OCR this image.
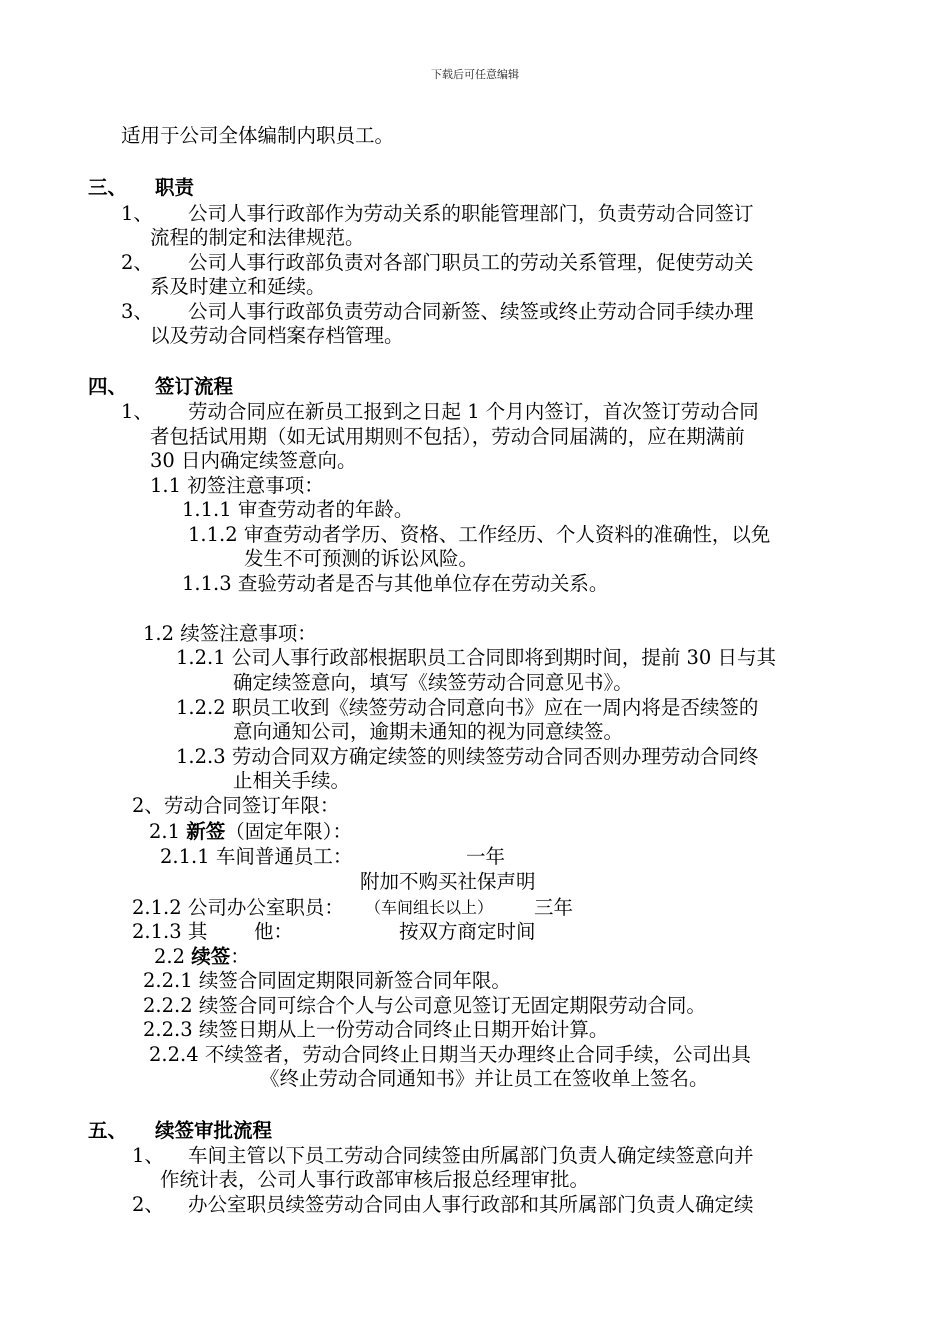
下载后可任意编辑
适用于公司全体编制内职员工。
三、 职责
1、 公司人事行政部作为劳动关系的职能管理部门，负责劳动合同签订
流程的制定和法律规范。
2、 公司人事行政部负责对各部门职员工的劳动关系管理，促使劳动关
系及时建立和延续。
3、 公司人事行政部负责劳动合同新签、续签或终止劳动合同手续办理
以及劳动合同档案存档管理。
四、 签订流程
1、 劳动合同应在新员工报到之日起 1 个月内签订，首次签订劳动合同
者包括试用期（如无试用期则不包括），劳动合同届满的，应在期满前
30 日内确定续签意向。
1.1 初签注意事项：
1.1.1 审查劳动者的年龄。
1.1.2 审查劳动者学历、资格、工作经历、个人资料的准确性，以免
发生不可预测的诉讼风险。
1.1.3 查验劳动者是否与其他单位存在劳动关系。
1.2 续签注意事项：
1.2.1 公司人事行政部根据职员工合同即将到期时间，提前 30 日与其
确定续签意向，填写《续签劳动合同意见书》。
1.2.2 职员工收到《续签劳动合同意向书》应在一周内将是否续签的
意向通知公司，逾期未通知的视为同意续签。
1.2.3 劳动合同双方确定续签的则续签劳动合同否则办理劳动合同终
止相关手续。
2、劳动合同签订年限：
2.1 新签（固定年限）：
2.1.1 车间普通员工：	一年
附加不购买社保声明
2.1.2 公司办公室职员： （车间组长以上） 三年
2.1.3 其 他：	按双方商定时间
2.2 续签：
2.2.1 续签合同固定期限同新签合同年限。
2.2.2 续签合同可综合个人与公司意见签订无固定期限劳动合同。
2.2.3 续签日期从上一份劳动合同终止日期开始计算。
2.2.4 不续签者，劳动合同终止日期当天办理终止合同手续，公司出具
《终止劳动合同通知书》并让员工在签收单上签名。
五、 续签审批流程
1、 车间主管以下员工劳动合同续签由所属部门负责人确定续签意向并
作统计表，公司人事行政部审核后报总经理审批。
2、 办公室职员续签劳动合同由人事行政部和其所属部门负责人确定续
